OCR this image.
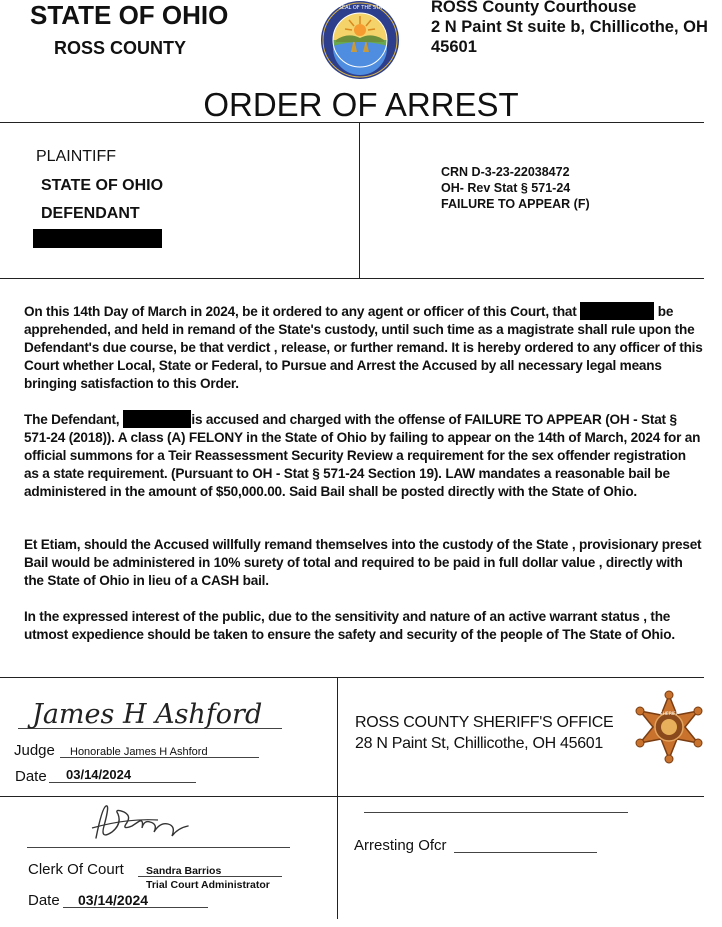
STATE OF OHIO
ROSS COUNTY
THE GREAT SEAL OF THE STATE OF OHIO ROSS County Courthouse
2 N Paint St suite b, Chillicothe, OH
45601
ORDER OF ARREST
PLAINTIFF
STATE OF OHIO
DEFENDANT
CRN D-3-23-22038472
OH- Rev Stat § 571-24
FAILURE TO APPEAR (F)
On this 14th Day of March in 2024, be it ordered to any agent or officer of this Court, that	be apprehended, and held in remand of the State's custody, until such time as a magistrate shall rule upon the Defendant's due course, be that verdict , release, or further remand. It is hereby ordered to any officer of this Court whether Local, State or Federal, to Pursue and Arrest the Accused by all necessary legal means bringing satisfaction to this Order.
The Defendant,	is accused and charged with the offense of FAILURE TO APPEAR (OH - Stat § 571-24 (2018)). A class (A) FELONY in the State of Ohio by failing to appear on the 14th of March, 2024 for an official summons for a Teir Reassessment Security Review a requirement for the sex offender registration as a state requirement. (Pursuant to OH - Stat § 571-24 Section 19). LAW mandates a reasonable bail be administered in the amount of $50,000.00. Said Bail shall be posted directly with the State of Ohio.
Et Etiam, should the Accused willfully remand themselves into the custody of the State , provisionary preset Bail would be administered in 10% surety of total and required to be paid in full dollar value , directly with the State of Ohio in lieu of a CASH bail.
In the expressed interest of the public, due to the sensitivity and nature of an active warrant status , the utmost expedience should be taken to ensure the safety and security of the people of The State of Ohio.
James H Ashford
Judge Honorable James H Ashford
Date 03/14/2024
ROSS COUNTY SHERIFF'S OFFICE
28 N Paint St, Chillicothe, OH 45601
SHERIFF
Clerk Of Court Sandra Barrios
Trial Court Administrator
Date 03/14/2024
Arresting Ofcr
